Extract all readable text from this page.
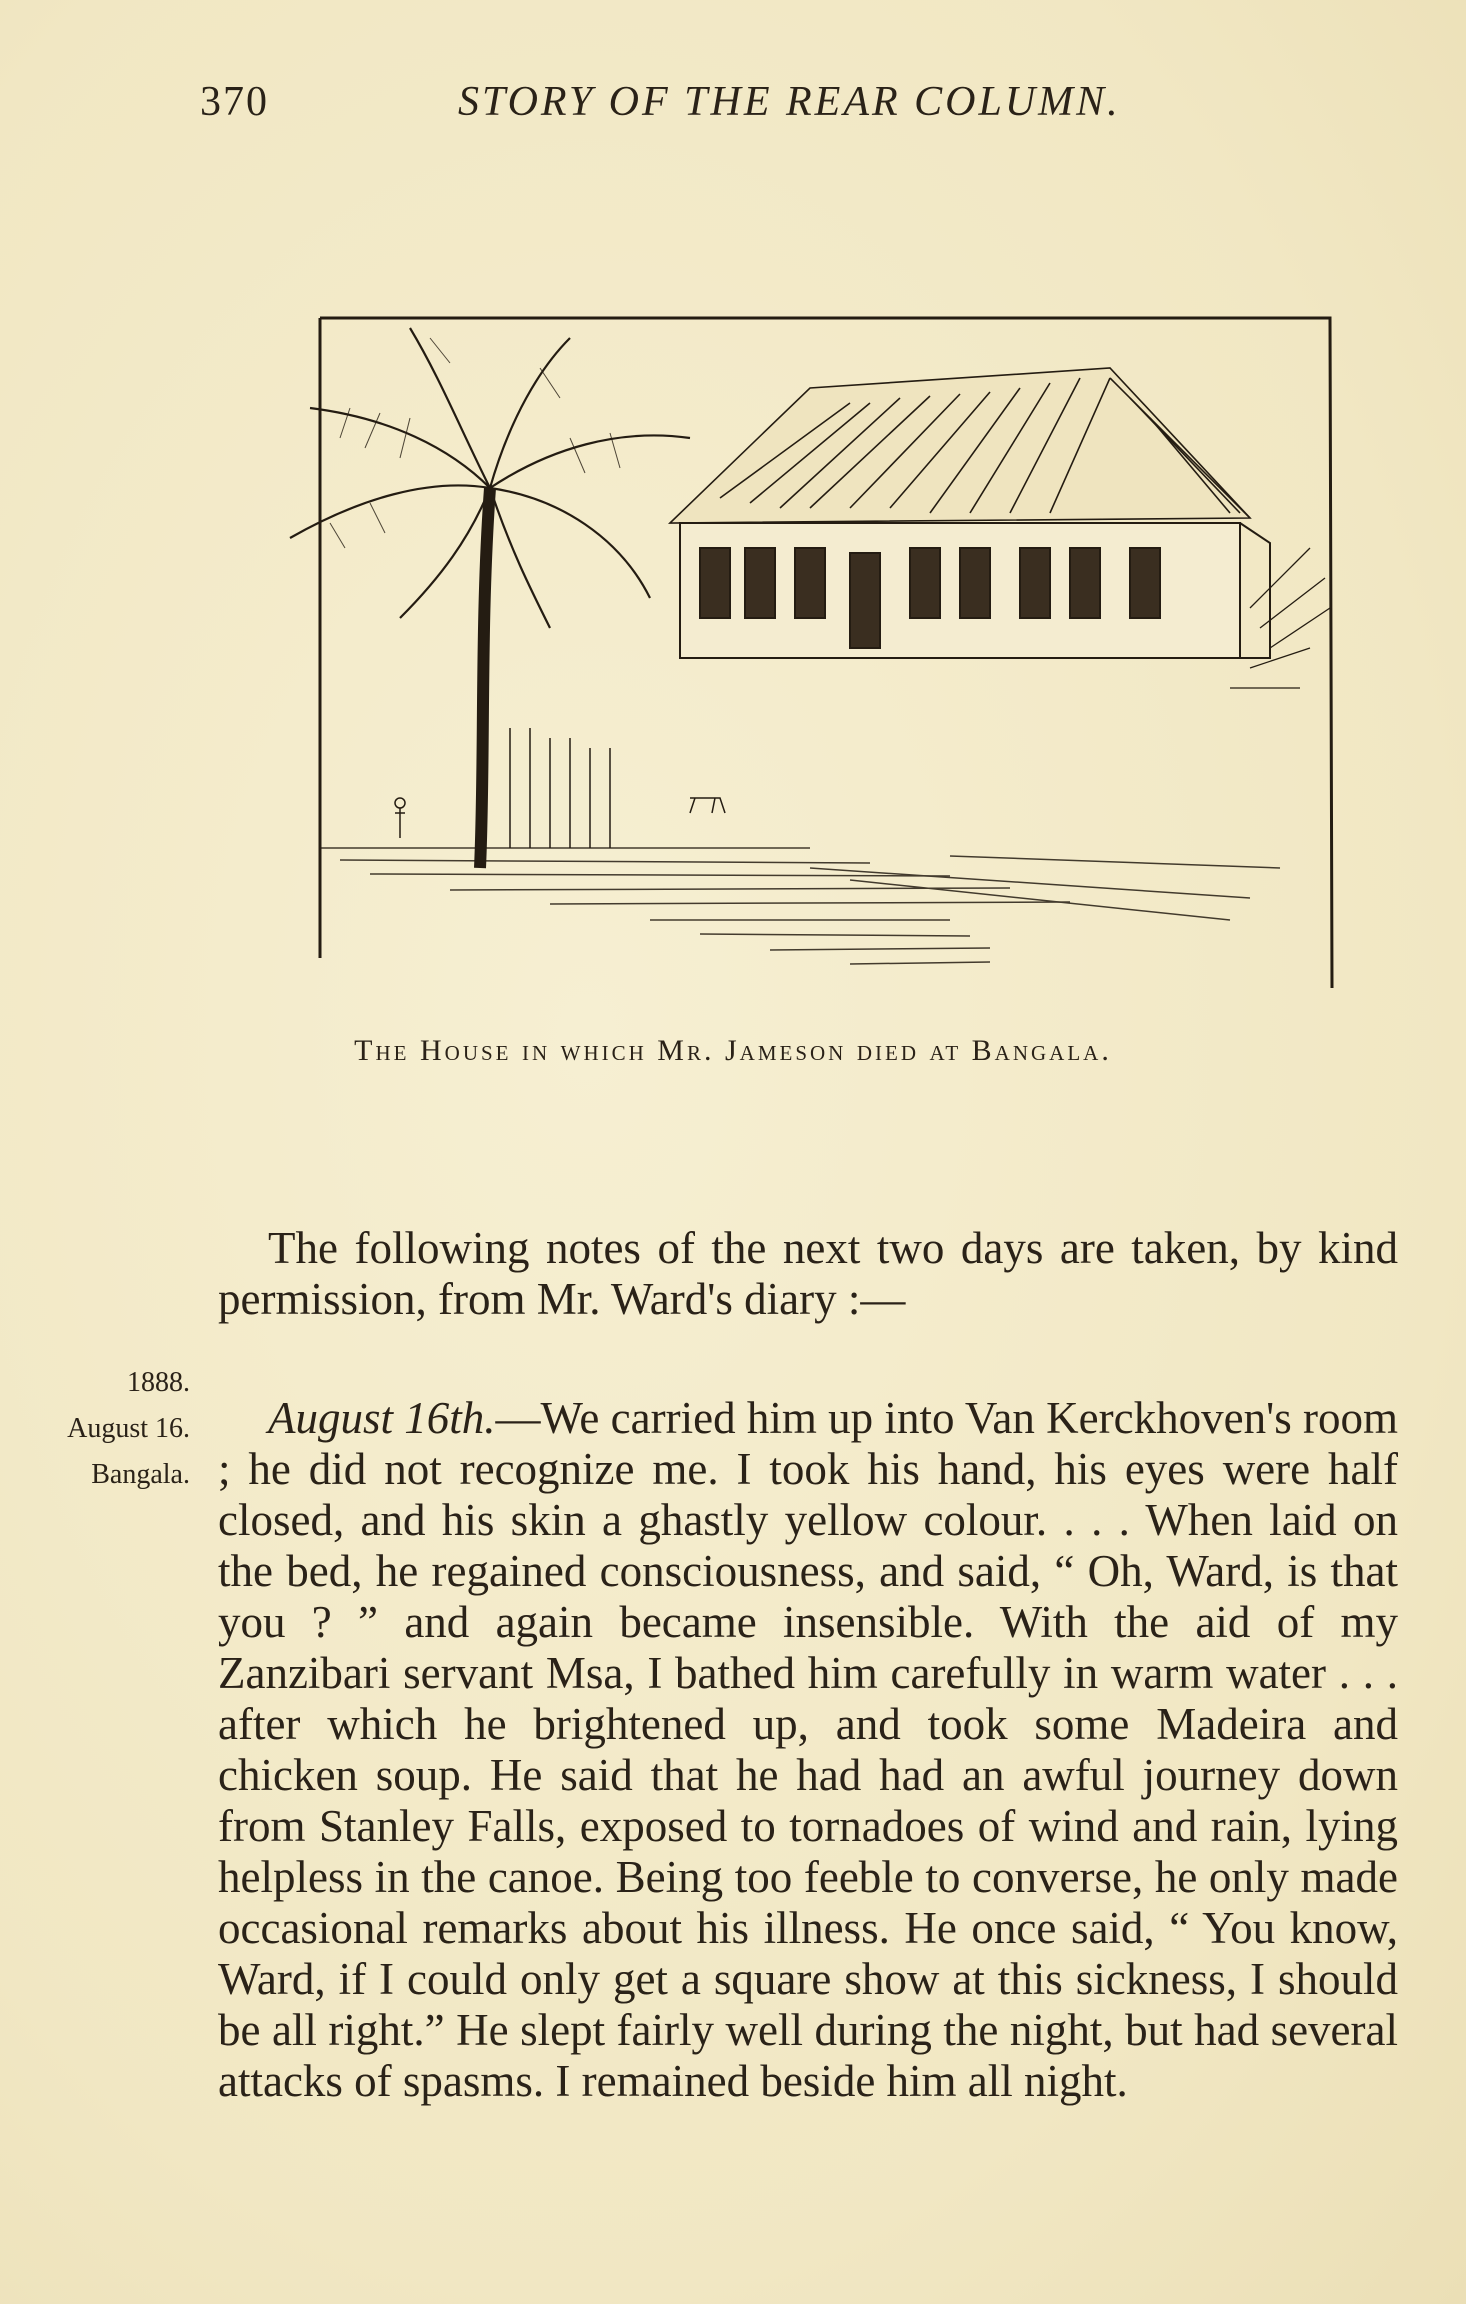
370	STORY OF THE REAR COLUMN.
The House in which Mr. Jameson died at Bangala.

The following notes of the next two days are taken, by kind permission, from Mr. Ward's diary :—

1888.
August 16.
Bangala.

August 16th.—We carried him up into Van Kerckhoven's room ; he did not recognize me. I took his hand, his eyes were half closed, and his skin a ghastly yellow colour. . . . When laid on the bed, he regained consciousness, and said, “ Oh, Ward, is that you ? ” and again became insensible. With the aid of my Zanzibari servant Msa, I bathed him carefully in warm water . . . after which he brightened up, and took some Madeira and chicken soup. He said that he had had an awful journey down from Stanley Falls, exposed to tornadoes of wind and rain, lying helpless in the canoe. Being too feeble to converse, he only made occasional remarks about his illness. He once said, “ You know, Ward, if I could only get a square show at this sickness, I should be all right.” He slept fairly well during the night, but had several attacks of spasms. I remained beside him all night.
